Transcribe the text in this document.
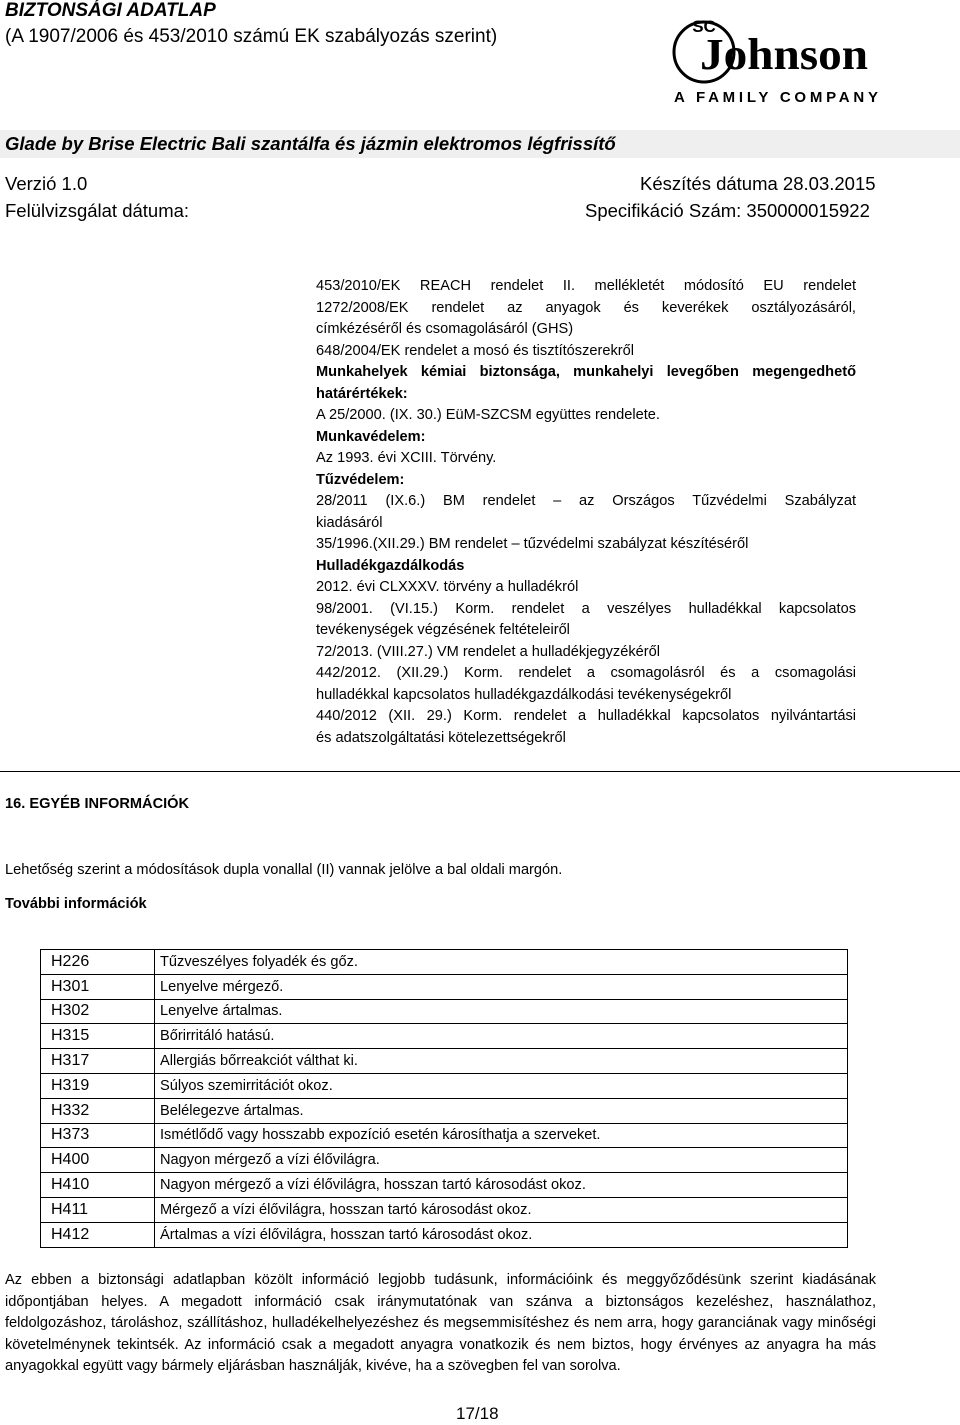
BIZTONSÁGI ADATLAP
(A 1907/2006 és 453/2010 számú EK szabályozás szerint)	SC
Johnson
A FAMILY COMPANY
Glade by Brise Electric Bali szantálfa és jázmin elektromos légfrissítő
Verzió 1.0	Készítés dátuma 28.03.2015
Felülvizsgálat dátuma:	Specifikáció Szám: 350000015922

453/2010/EK REACH rendelet II. mellékletét módosító EU rendelet

1272/2008/EK rendelet az anyagok és keverékek osztályozásáról,

címkézéséről és csomagolásáról (GHS)

648/2004/EK rendelet a mosó és tisztítószerekről

Munkahelyek kémiai biztonsága, munkahelyi levegőben megengedhető

határértékek:

A 25/2000. (IX. 30.) EüM-SZCSM együttes rendelete.

Munkavédelem:

Az 1993. évi XCIII. Törvény.

Tűzvédelem:

28/2011 (IX.6.) BM rendelet – az Országos Tűzvédelmi Szabályzat

kiadásáról

35/1996.(XII.29.) BM rendelet – tűzvédelmi szabályzat készítéséről

Hulladékgazdálkodás

2012. évi CLXXXV. törvény a hulladékról

98/2001. (VI.15.) Korm. rendelet a veszélyes hulladékkal kapcsolatos

tevékenységek végzésének feltételeiről

72/2013. (VIII.27.) VM rendelet a hulladékjegyzékéről

442/2012. (XII.29.) Korm. rendelet a csomagolásról és a csomagolási

hulladékkal kapcsolatos hulladékgazdálkodási tevékenységekről

440/2012 (XII. 29.) Korm. rendelet a hulladékkal kapcsolatos nyilvántartási

és adatszolgáltatási kötelezettségekről

16. EGYÉB INFORMÁCIÓK
Lehetőség szerint a módosítások dupla vonallal (II) vannak jelölve a bal oldali margón.
További információk
H226	Tűzveszélyes folyadék és gőz.
H301	Lenyelve mérgező.
H302	Lenyelve ártalmas.
H315	Bőrirritáló hatású.
H317	Allergiás bőrreakciót válthat ki.
H319	Súlyos szemirritációt okoz.
H332	Belélegezve ártalmas.
H373	Ismétlődő vagy hosszabb expozíció esetén károsíthatja a szerveket.
H400	Nagyon mérgező a vízi élővilágra.
H410	Nagyon mérgező a vízi élővilágra, hosszan tartó károsodást okoz.
H411	Mérgező a vízi élővilágra, hosszan tartó károsodást okoz.
H412	Ártalmas a vízi élővilágra, hosszan tartó károsodást okoz.
Az ebben a biztonsági adatlapban közölt információ legjobb tudásunk, információink és meggyőződésünk szerint kiadásának időpontjában helyes. A megadott információ csak iránymutatónak van szánva a biztonságos kezeléshez, használathoz, feldolgozáshoz, tároláshoz, szállításhoz, hulladékelhelyezéshez és megsemmisítéshez és nem arra, hogy garanciának vagy minőségi követelménynek tekintsék. Az információ csak a megadott anyagra vonatkozik és nem biztos, hogy érvényes az anyagra ha más anyagokkal együtt vagy bármely eljárásban használják, kivéve, ha a szövegben fel van sorolva.
17/18
